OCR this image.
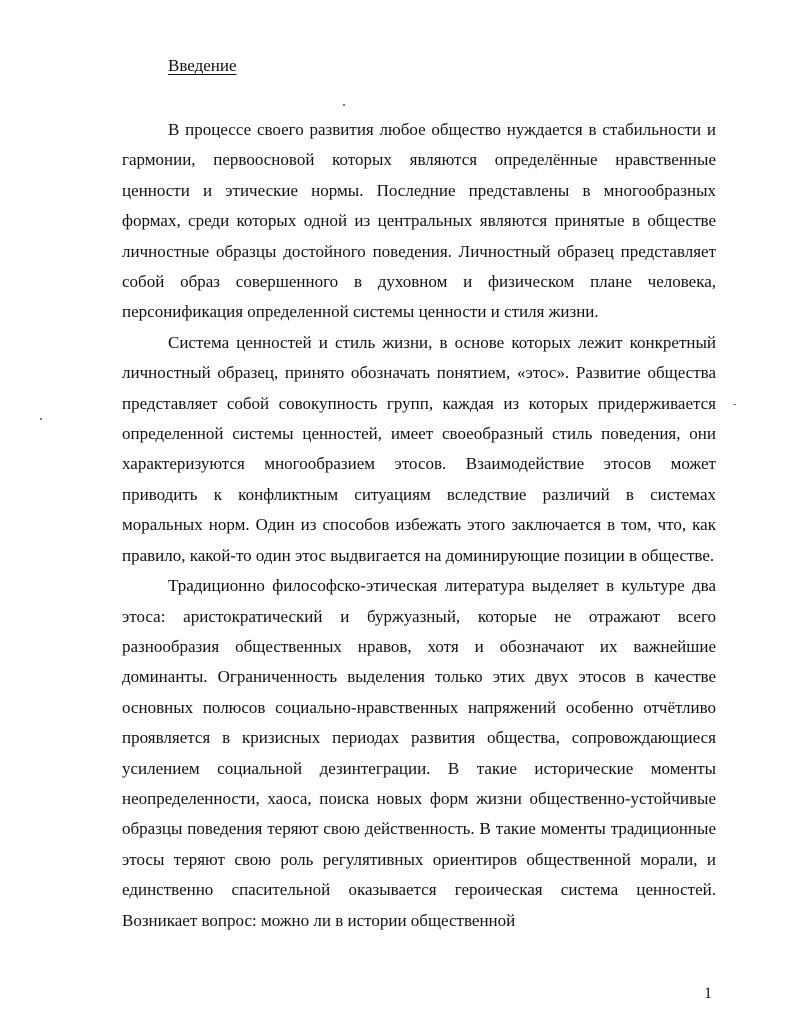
Введение

В процессе своего развития любое общество нуждается в стабильности и гармонии, первоосновой которых являются определённые нравственные ценности и этические нормы. Последние представлены в многообразных формах, среди которых одной из центральных являются принятые в обществе личностные образцы достойного поведения. Личностный образец представляет собой образ совершенного в духовном и физическом плане человека, персонификация определенной системы ценности и стиля жизни.

Система ценностей и стиль жизни, в основе которых лежит конкретный личностный образец, принято обозначать понятием, «этос». Развитие общества представляет собой совокупность групп, каждая из которых придерживается определенной системы ценностей, имеет своеобразный стиль поведения, они характеризуются многообразием этосов. Взаимодействие этосов может приводить к конфликтным ситуациям вследствие различий в системах моральных норм. Один из способов избежать этого заключается в том, что, как правило, какой-то один этос выдвигается на доминирующие позиции в обществе.

Традиционно философско-этическая литература выделяет в культуре два этоса: аристократический и буржуазный, которые не отражают всего разнообразия общественных нравов, хотя и обозначают их важнейшие доминанты. Ограниченность выделения только этих двух этосов в качестве основных полюсов социально-нравственных напряжений особенно отчётливо проявляется в кризисных периодах развития общества, сопровождающиеся усилением социальной дезинтеграции. В такие исторические моменты неопределенности, хаоса, поиска новых форм жизни общественно-устойчивые образцы поведения теряют свою действенность. В такие моменты традиционные этосы теряют свою роль регулятивных ориентиров общественной морали, и единственно спасительной оказывается героическая система ценностей. Возникает вопрос: можно ли в истории общественной

1
